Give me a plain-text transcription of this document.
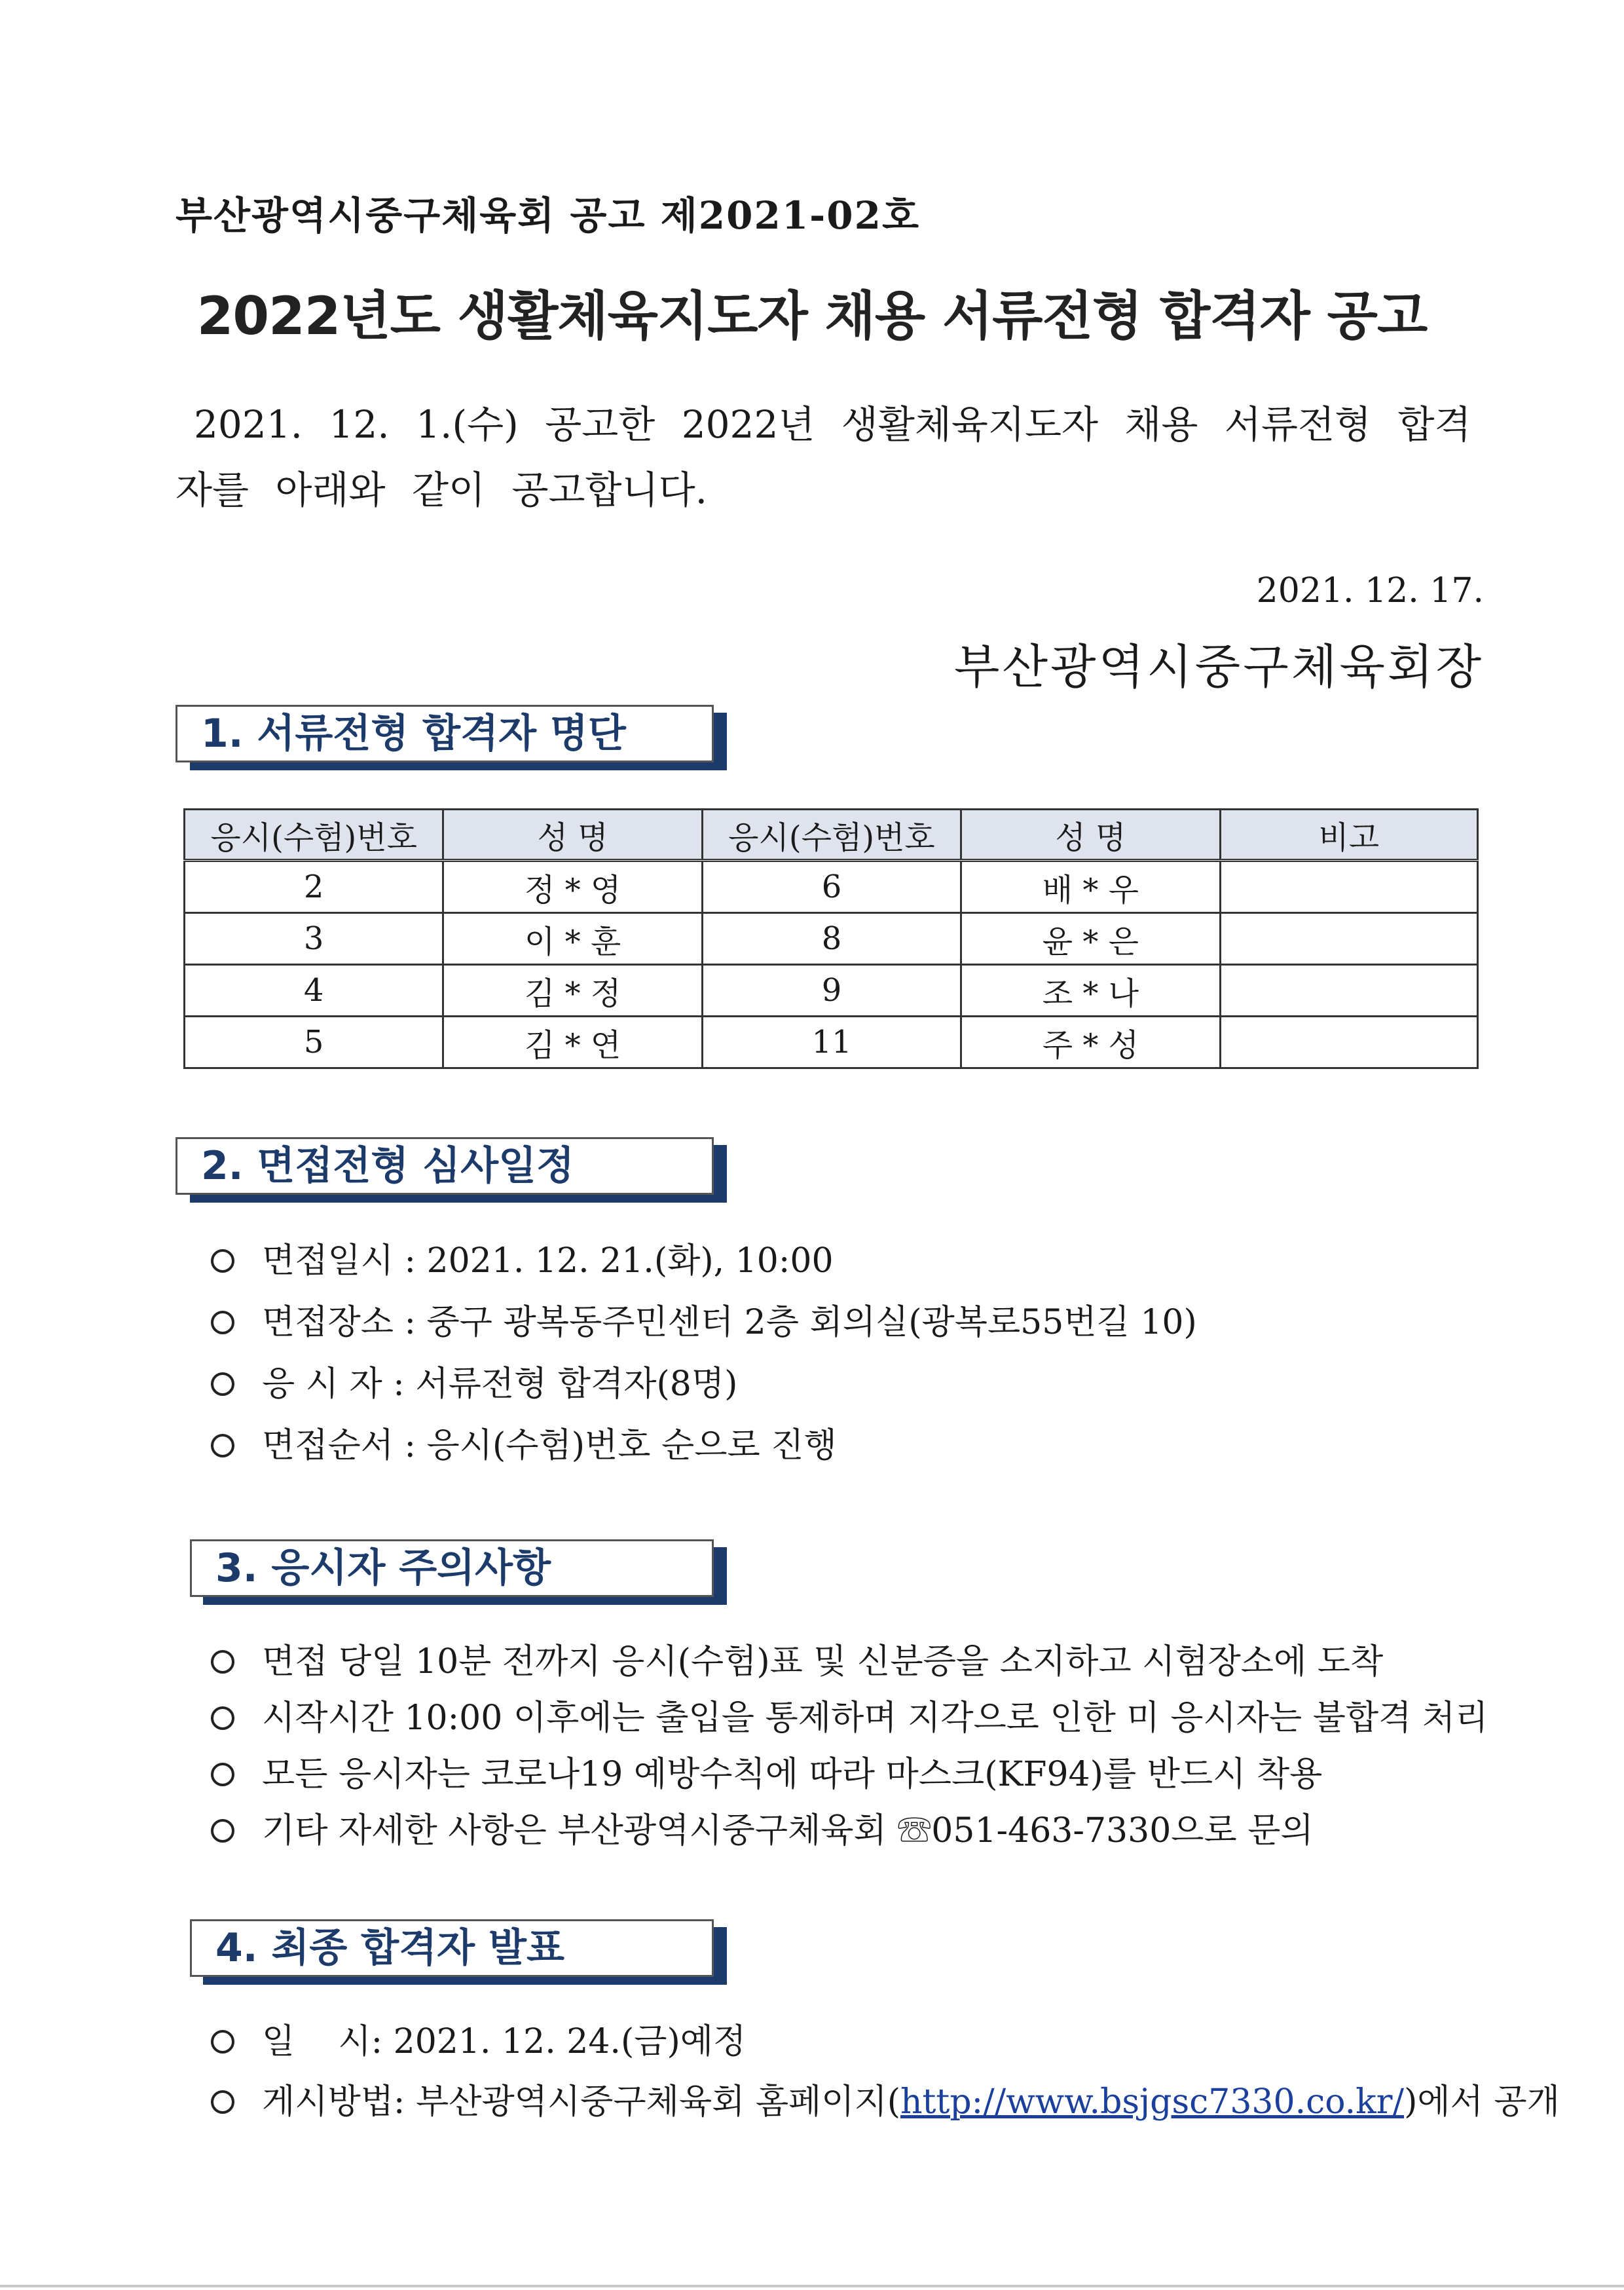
부산광역시중구체육회 공고 제2021-02호
2022년도 생활체육지도자 채용 서류전형 합격자 공고
2021. 12. 1.(수) 공고한 2022년 생활체육지도자 채용 서류전형 합격
자를 아래와 같이 공고합니다.
2021. 12. 17.
부산광역시중구체육회장
1. 서류전형 합격자 명단
응시(수험)번호	성 명	응시(수험)번호	성 명	비고
2	정 * 영	6	배 * 우	
3	이 * 훈	8	윤 * 은	
4	김 * 정	9	조 * 나	
5	김 * 연	11	주 * 성	
2. 면접전형 심사일정
면접일시 : 2021. 12. 21.(화), 10:00
면접장소 : 중구 광복동주민센터 2층 회의실(광복로55번길 10)
응 시 자 : 서류전형 합격자(8명)
면접순서 : 응시(수험)번호 순으로 진행
3. 응시자 주의사항
면접 당일 10분 전까지 응시(수험)표 및 신분증을 소지하고 시험장소에 도착
시작시간 10:00 이후에는 출입을 통제하며 지각으로 인한 미 응시자는 불합격 처리
모든 응시자는 코로나19 예방수칙에 따라 마스크(KF94)를 반드시 착용
기타 자세한 사항은 부산광역시중구체육회 ☏051-463-7330으로 문의
4. 최종 합격자 발표
일    시: 2021. 12. 24.(금)예정
게시방법: 부산광역시중구체육회 홈페이지(http://www.bsjgsc7330.co.kr/)에서 공개
